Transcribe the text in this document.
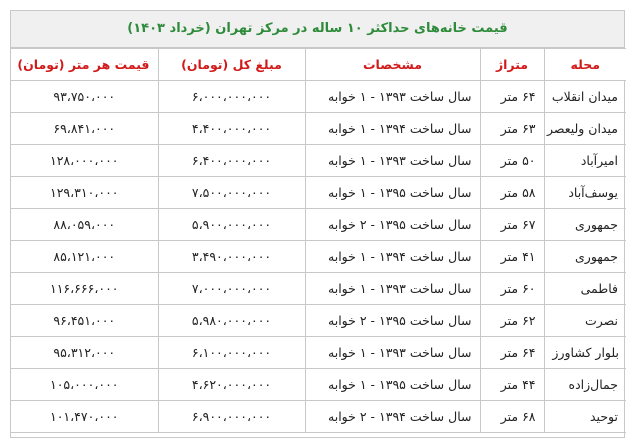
قیمت خانه‌های حداکثر ۱۰ ساله در مرکز تهران (خرداد ۱۴۰۳)
محله	متراژ	مشخصات	مبلغ کل (تومان)	قیمت هر متر (تومان)
میدان انقلاب	۶۴ متر	سال ساخت ۱۳۹۳ - ۱ خوابه	۶،۰۰۰،۰۰۰،۰۰۰	۹۳،۷۵۰،۰۰۰
میدان ولیعصر	۶۳ متر	سال ساخت ۱۳۹۴ - ۱ خوابه	۴،۴۰۰،۰۰۰،۰۰۰	۶۹،۸۴۱،۰۰۰
امیرآباد	۵۰ متر	سال ساخت ۱۳۹۳ - ۱ خوابه	۶،۴۰۰،۰۰۰،۰۰۰	۱۲۸،۰۰۰،۰۰۰
یوسف‌آباد	۵۸ متر	سال ساخت ۱۳۹۵ - ۱ خوابه	۷،۵۰۰،۰۰۰،۰۰۰	۱۲۹،۳۱۰،۰۰۰
جمهوری	۶۷ متر	سال ساخت ۱۳۹۵ - ۲ خوابه	۵،۹۰۰،۰۰۰،۰۰۰	۸۸،۰۵۹،۰۰۰
جمهوری	۴۱ متر	سال ساخت ۱۳۹۴ - ۱ خوابه	۳،۴۹۰،۰۰۰،۰۰۰	۸۵،۱۲۱،۰۰۰
فاطمی	۶۰ متر	سال ساخت ۱۳۹۳ - ۱ خوابه	۷،۰۰۰،۰۰۰،۰۰۰	۱۱۶،۶۶۶،۰۰۰
نصرت	۶۲ متر	سال ساخت ۱۳۹۵ - ۲ خوابه	۵،۹۸۰،۰۰۰،۰۰۰	۹۶،۴۵۱،۰۰۰
بلوار کشاورز	۶۴ متر	سال ساخت ۱۳۹۳ - ۱ خوابه	۶،۱۰۰،۰۰۰،۰۰۰	۹۵،۳۱۲،۰۰۰
جمال‌زاده	۴۴ متر	سال ساخت ۱۳۹۵ - ۱ خوابه	۴،۶۲۰،۰۰۰،۰۰۰	۱۰۵،۰۰۰،۰۰۰
توحید	۶۸ متر	سال ساخت ۱۳۹۴ - ۲ خوابه	۶،۹۰۰،۰۰۰،۰۰۰	۱۰۱،۴۷۰،۰۰۰
